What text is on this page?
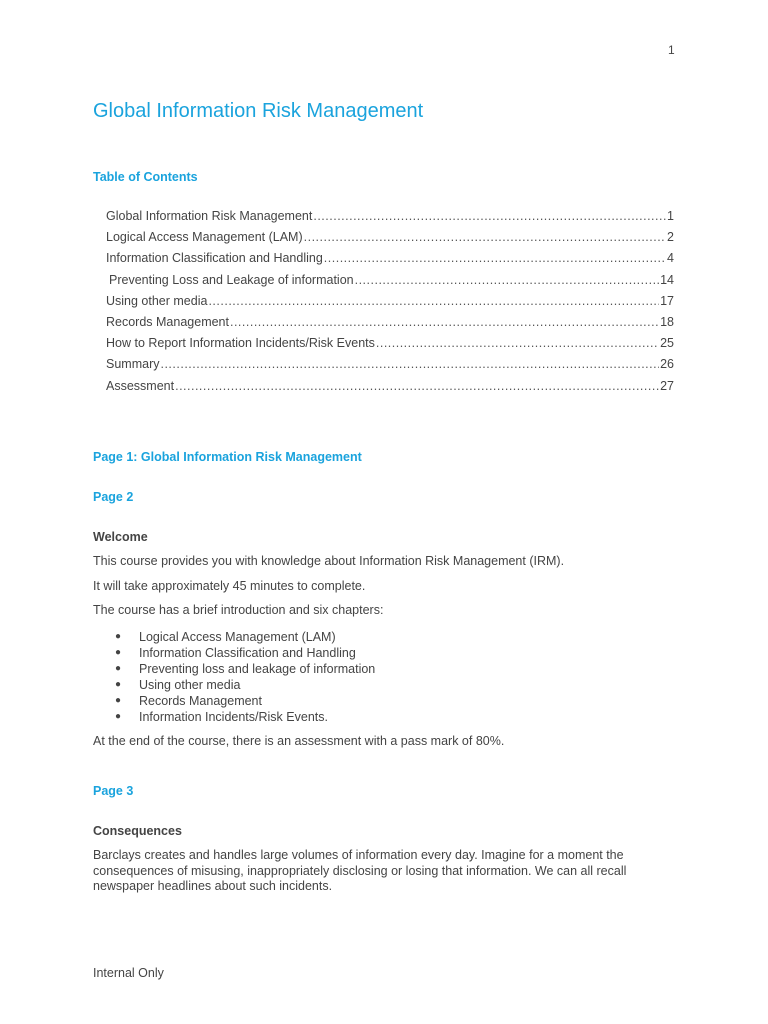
1
Global Information Risk Management
Table of Contents
Global Information Risk Management .....	1
Logical Access Management (LAM) .....	2
Information Classification and Handling .....	4
Preventing Loss and Leakage of information .....	14
Using other media .....	17
Records Management .....	18
How to Report Information Incidents/Risk Events .....	25
Summary .....	26
Assessment .....	27
Page 1: Global Information Risk Management
Page 2
Welcome

This course provides you with knowledge about Information Risk Management (IRM).

It will take approximately 45 minutes to complete.

The course has a brief introduction and six chapters:

●	Logical Access Management (LAM)
●	Information Classification and Handling
●	Preventing loss and leakage of information
●	Using other media
●	Records Management
●	Information Incidents/Risk Events.

At the end of the course, there is an assessment with a pass mark of 80%.

Page 3
Consequences

Barclays creates and handles large volumes of information every day. Imagine for a moment the consequences of misusing, inappropriately disclosing or losing that information. We can all recall newspaper headlines about such incidents.

Internal Only
